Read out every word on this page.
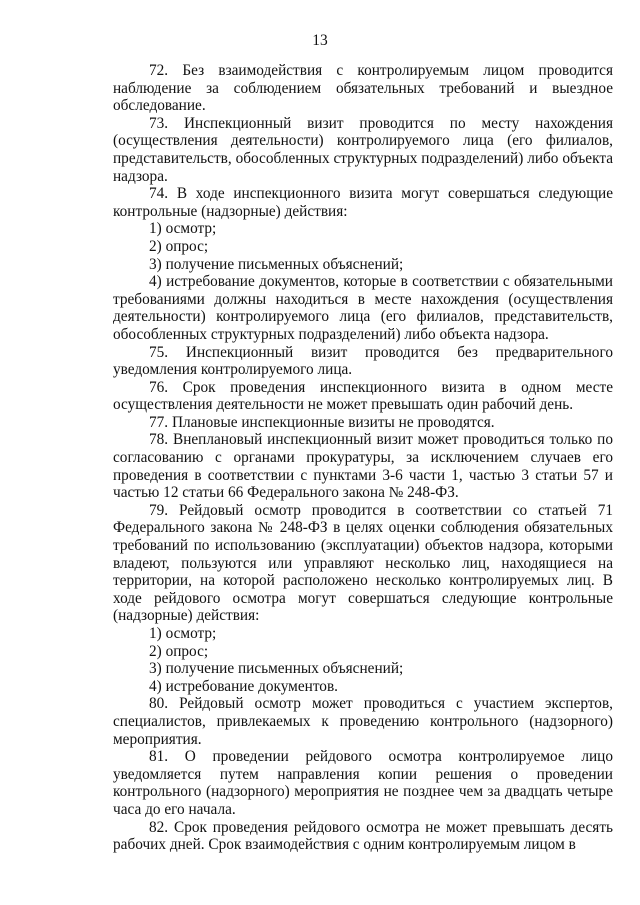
13

72. Без взаимодействия с контролируемым лицом проводится наблюдение за соблюдением обязательных требований и выездное обследование.

73. Инспекционный визит проводится по месту нахождения (осуществления деятельности) контролируемого лица (его филиалов, представительств, обособленных структурных подразделений) либо объекта надзора.

74. В ходе инспекционного визита могут совершаться следующие контрольные (надзорные) действия:

1) осмотр;

2) опрос;

3) получение письменных объяснений;

4) истребование документов, которые в соответствии с обязательными требованиями должны находиться в месте нахождения (осуществления деятельности) контролируемого лица (его филиалов, представительств, обособленных структурных подразделений) либо объекта надзора.

75. Инспекционный визит проводится без предварительного уведомления контролируемого лица.

76. Срок проведения инспекционного визита в одном месте осуществления деятельности не может превышать один рабочий день.

77. Плановые инспекционные визиты не проводятся.

78. Внеплановый инспекционный визит может проводиться только по согласованию с органами прокуратуры, за исключением случаев его проведения в соответствии с пунктами 3-6 части 1, частью 3 статьи 57 и частью 12 статьи 66 Федерального закона № 248-ФЗ.

79. Рейдовый осмотр проводится в соответствии со статьей 71 Федерального закона № 248-ФЗ в целях оценки соблюдения обязательных требований по использованию (эксплуатации) объектов надзора, которыми владеют, пользуются или управляют несколько лиц, находящиеся на территории, на которой расположено несколько контролируемых лиц. В ходе рейдового осмотра могут совершаться следующие контрольные (надзорные) действия:

1) осмотр;

2) опрос;

3) получение письменных объяснений;

4) истребование документов.

80. Рейдовый осмотр может проводиться с участием экспертов, специалистов, привлекаемых к проведению контрольного (надзорного) мероприятия.

81. О проведении рейдового осмотра контролируемое лицо уведомляется путем направления копии решения о проведении контрольного (надзорного) мероприятия не позднее чем за двадцать четыре часа до его начала.

82. Срок проведения рейдового осмотра не может превышать десять рабочих дней. Срок взаимодействия с одним контролируемым лицом в
